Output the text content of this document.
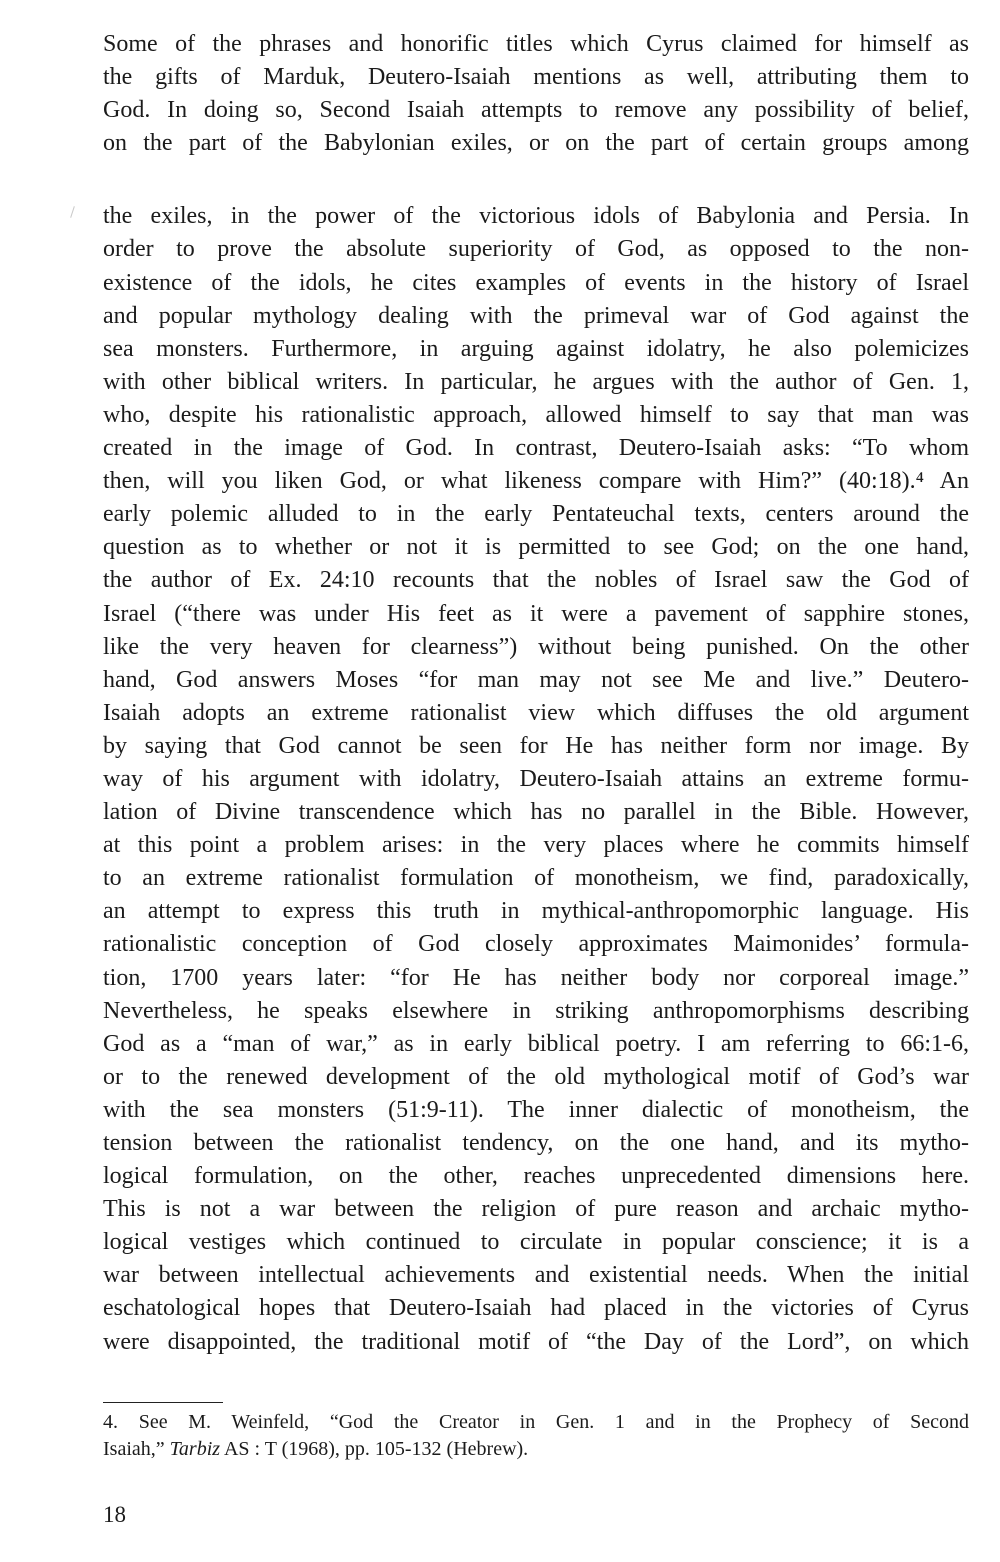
Some of the phrases and honorific titles which Cyrus claimed for himself as
the gifts of Marduk, Deutero-Isaiah mentions as well, attributing them to
God. In doing so, Second Isaiah attempts to remove any possibility of belief,
on the part of the Babylonian exiles, or on the part of certain groups among
the exiles, in the power of the victorious idols of Babylonia and Persia. In
order to prove the absolute superiority of God, as opposed to the non-
existence of the idols, he cites examples of events in the history of Israel
and popular mythology dealing with the primeval war of God against the
sea monsters. Furthermore, in arguing against idolatry, he also polemicizes
with other biblical writers. In particular, he argues with the author of Gen. 1,
who, despite his rationalistic approach, allowed himself to say that man was
created in the image of God. In contrast, Deutero-Isaiah asks: “To whom
then, will you liken God, or what likeness compare with Him?” (40:18).⁴ An
early polemic alluded to in the early Pentateuchal texts, centers around the
question as to whether or not it is permitted to see God; on the one hand,
the author of Ex. 24:10 recounts that the nobles of Israel saw the God of
Israel (“there was under His feet as it were a pavement of sapphire stones,
like the very heaven for clearness”) without being punished. On the other
hand, God answers Moses “for man may not see Me and live.” Deutero-
Isaiah adopts an extreme rationalist view which diffuses the old argument
by saying that God cannot be seen for He has neither form nor image. By
way of his argument with idolatry, Deutero-Isaiah attains an extreme formu-
lation of Divine transcendence which has no parallel in the Bible. However,
at this point a problem arises: in the very places where he commits himself
to an extreme rationalist formulation of monotheism, we find, paradoxically,
an attempt to express this truth in mythical-anthropomorphic language. His
rationalistic conception of God closely approximates Maimonides’ formula-
tion, 1700 years later: “for He has neither body nor corporeal image.”
Nevertheless, he speaks elsewhere in striking anthropomorphisms describing
God as a “man of war,” as in early biblical poetry. I am referring to 66:1-6,
or to the renewed development of the old mythological motif of God’s war
with the sea monsters (51:9-11). The inner dialectic of monotheism, the
tension between the rationalist tendency, on the one hand, and its mytho-
logical formulation, on the other, reaches unprecedented dimensions here.
This is not a war between the religion of pure reason and archaic mytho-
logical vestiges which continued to circulate in popular conscience; it is a
war between intellectual achievements and existential needs. When the initial
eschatological hopes that Deutero-Isaiah had placed in the victories of Cyrus
were disappointed, the traditional motif of “the Day of the Lord”, on which
4. See M. Weinfeld, “God the Creator in Gen. 1 and in the Prophecy of Second
Isaiah,” Tarbiz AS : T (1968), pp. 105-132 (Hebrew).
18
